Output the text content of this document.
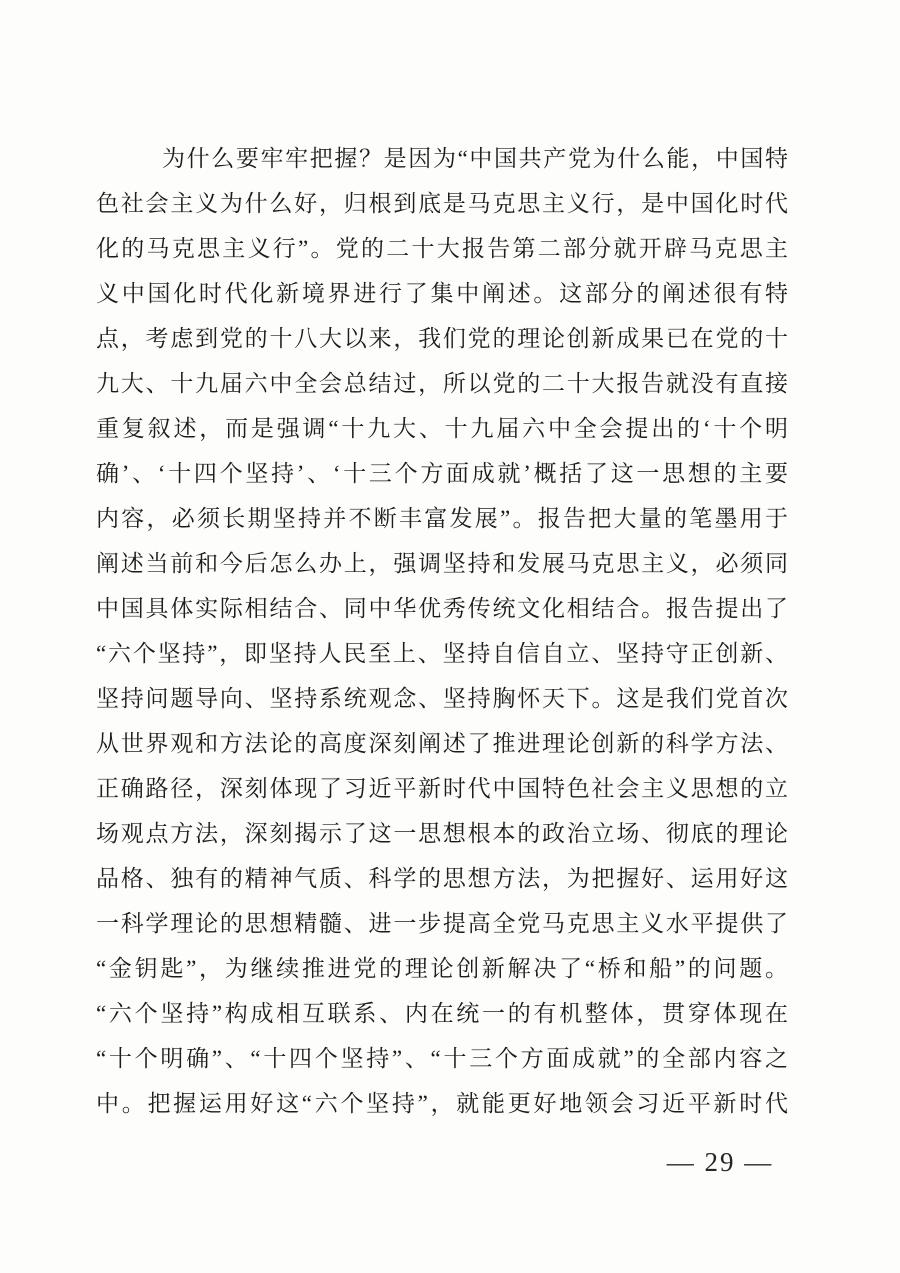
为什么要牢牢把握？是因为“中国共产党为什么能，中国特
色社会主义为什么好，归根到底是马克思主义行，是中国化时代
化的马克思主义行”。党的二十大报告第二部分就开辟马克思主
义中国化时代化新境界进行了集中阐述。这部分的阐述很有特
点，考虑到党的十八大以来，我们党的理论创新成果已在党的十
九大、十九届六中全会总结过，所以党的二十大报告就没有直接
重复叙述，而是强调“十九大、十九届六中全会提出的‘十个明
确’、‘十四个坚持’、‘十三个方面成就’概括了这一思想的主要
内容，必须长期坚持并不断丰富发展”。报告把大量的笔墨用于
阐述当前和今后怎么办上，强调坚持和发展马克思主义，必须同
中国具体实际相结合、同中华优秀传统文化相结合。报告提出了
“六个坚持”，即坚持人民至上、坚持自信自立、坚持守正创新、
坚持问题导向、坚持系统观念、坚持胸怀天下。这是我们党首次
从世界观和方法论的高度深刻阐述了推进理论创新的科学方法、
正确路径，深刻体现了习近平新时代中国特色社会主义思想的立
场观点方法，深刻揭示了这一思想根本的政治立场、彻底的理论
品格、独有的精神气质、科学的思想方法，为把握好、运用好这
一科学理论的思想精髓、进一步提高全党马克思主义水平提供了
“金钥匙”，为继续推进党的理论创新解决了“桥和船”的问题。
“六个坚持”构成相互联系、内在统一的有机整体，贯穿体现在
“十个明确”、“十四个坚持”、“十三个方面成就”的全部内容之
中。把握运用好这“六个坚持”，就能更好地领会习近平新时代
— 29 —
